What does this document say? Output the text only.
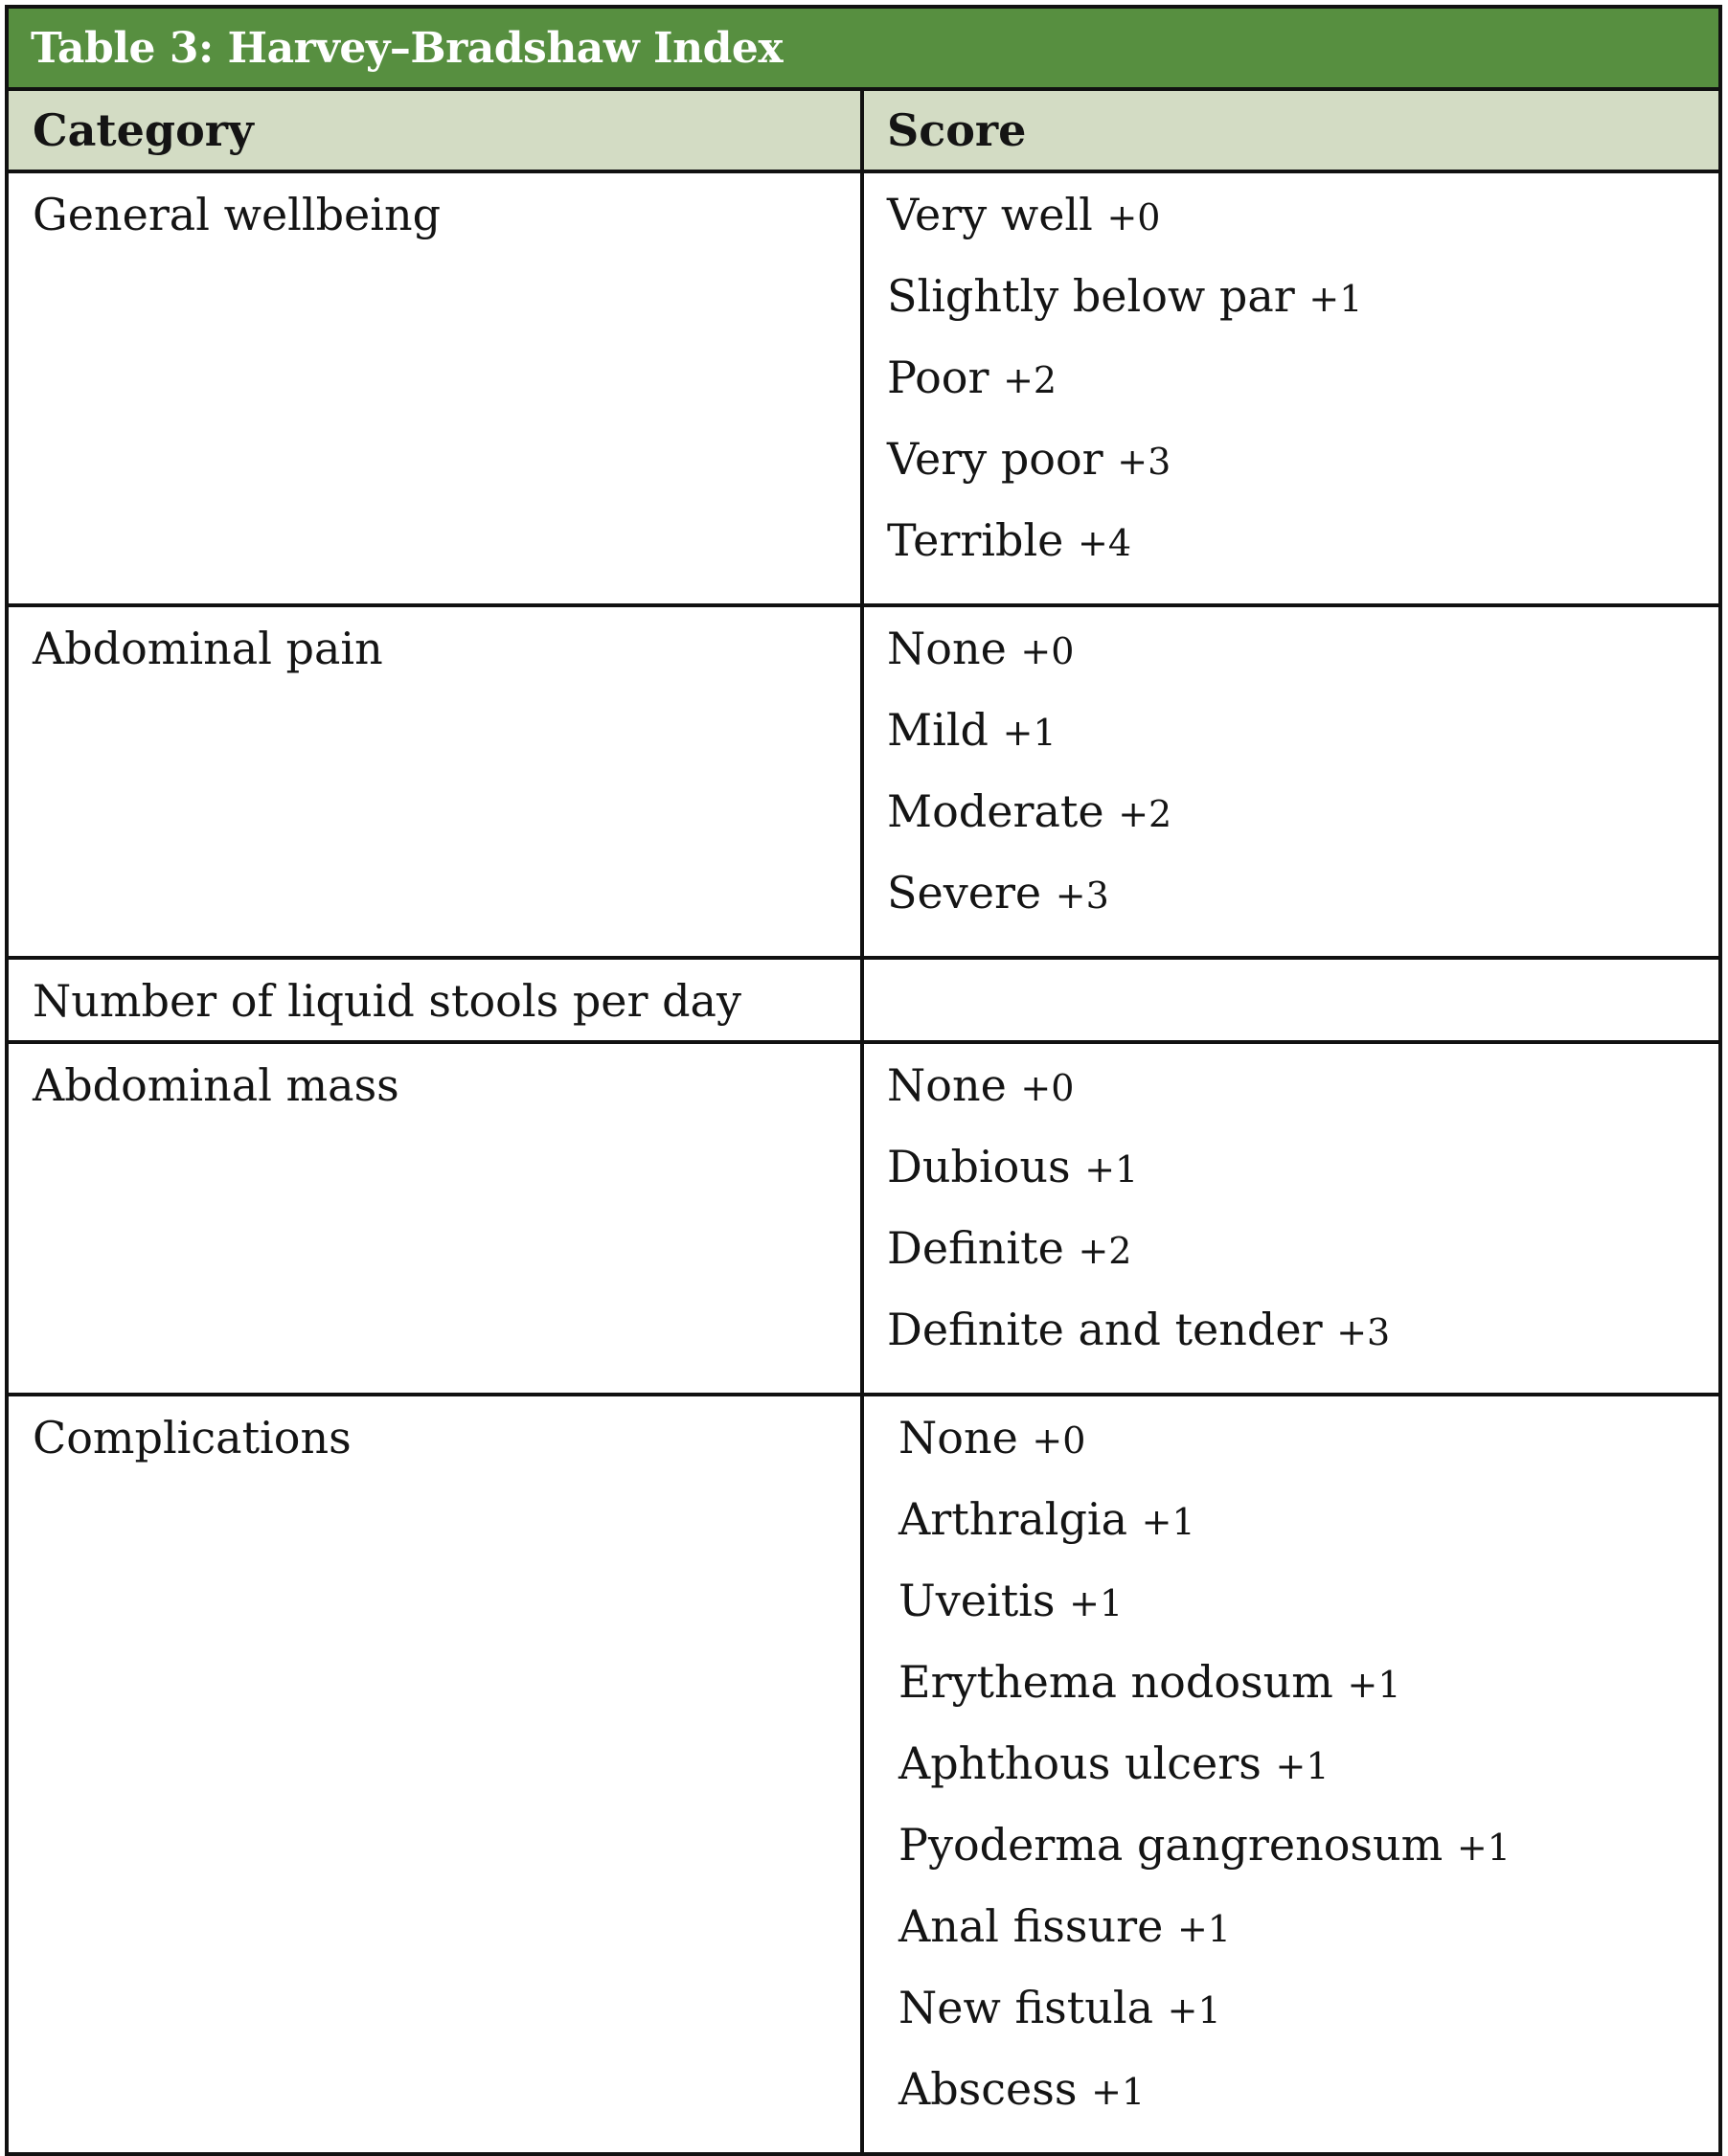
Table 3: Harvey–Bradshaw Index
Category	Score
General wellbeing	Very well +0
Slightly below par +1
Poor +2
Very poor +3
Terrible +4
Abdominal pain	None +0
Mild +1
Moderate +2
Severe +3
Number of liquid stools per day
Abdominal mass	None +0
Dubious +1
Definite +2
Definite and tender +3
Complications	None +0
Arthralgia +1
Uveitis +1
Erythema nodosum +1
Aphthous ulcers +1
Pyoderma gangrenosum +1
Anal fissure +1
New fistula +1
Abscess +1
